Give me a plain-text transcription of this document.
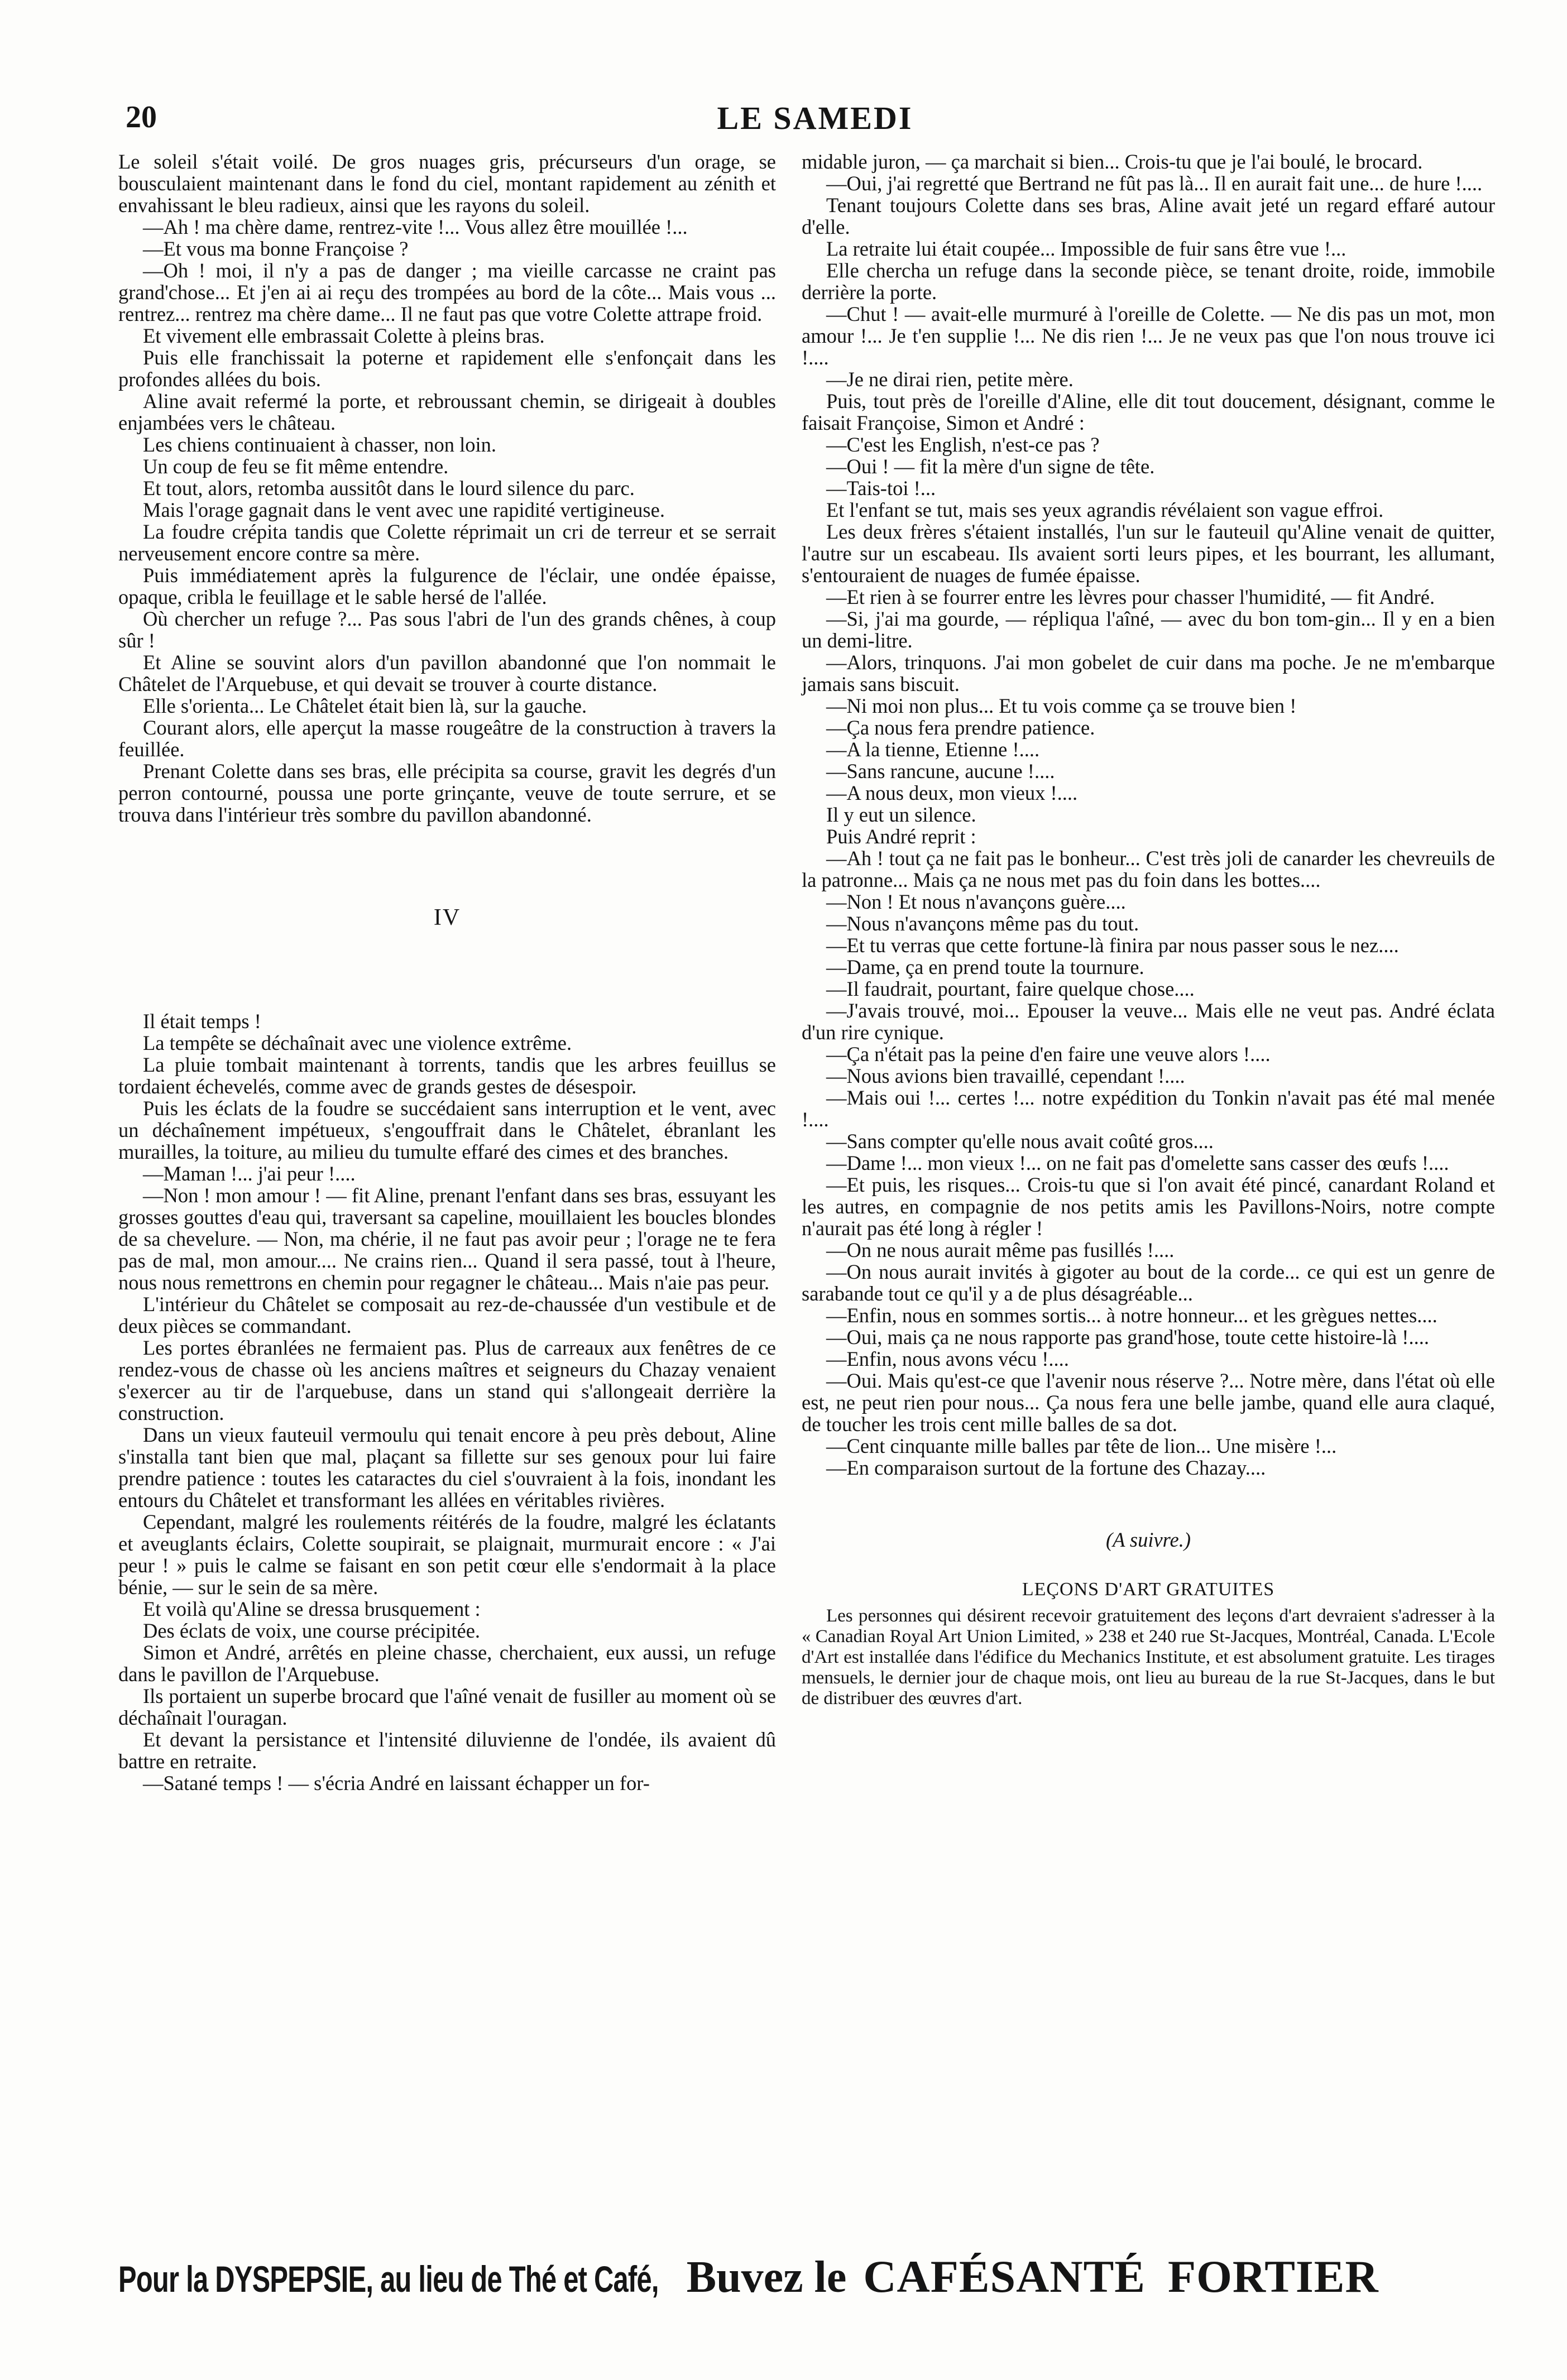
20	LE SAMEDI

Le soleil s'était voilé. De gros nuages gris, précurseurs d'un orage, se bousculaient maintenant dans le fond du ciel, montant rapidement au zénith et envahissant le bleu radieux, ainsi que les rayons du soleil.

—Ah ! ma chère dame, rentrez-vite !... Vous allez être mouillée !...

—Et vous ma bonne Françoise ?

—Oh ! moi, il n'y a pas de danger ; ma vieille carcasse ne craint pas grand'chose... Et j'en ai ai reçu des trompées au bord de la côte... Mais vous ... rentrez... rentrez ma chère dame... Il ne faut pas que votre Colette attrape froid.

Et vivement elle embrassait Colette à pleins bras.

Puis elle franchissait la poterne et rapidement elle s'enfonçait dans les profondes allées du bois.

Aline avait refermé la porte, et rebroussant chemin, se dirigeait à doubles enjambées vers le château.

Les chiens continuaient à chasser, non loin.

Un coup de feu se fit même entendre.

Et tout, alors, retomba aussitôt dans le lourd silence du parc.

Mais l'orage gagnait dans le vent avec une rapidité vertigineuse.

La foudre crépita tandis que Colette réprimait un cri de terreur et se serrait nerveusement encore contre sa mère.

Puis immédiatement après la fulgurence de l'éclair, une ondée épaisse, opaque, cribla le feuillage et le sable hersé de l'allée.

Où chercher un refuge ?... Pas sous l'abri de l'un des grands chênes, à coup sûr !

Et Aline se souvint alors d'un pavillon abandonné que l'on nommait le Châtelet de l'Arquebuse, et qui devait se trouver à courte distance.

Elle s'orienta... Le Châtelet était bien là, sur la gauche.

Courant alors, elle aperçut la masse rougeâtre de la construction à travers la feuillée.

Prenant Colette dans ses bras, elle précipita sa course, gravit les degrés d'un perron contourné, poussa une porte grinçante, veuve de toute serrure, et se trouva dans l'intérieur très sombre du pavillon abandonné.

IV

Il était temps !

La tempête se déchaînait avec une violence extrême.

La pluie tombait maintenant à torrents, tandis que les arbres feuillus se tordaient échevelés, comme avec de grands gestes de désespoir.

Puis les éclats de la foudre se succédaient sans interruption et le vent, avec un déchaînement impétueux, s'engouffrait dans le Châtelet, ébranlant les murailles, la toiture, au milieu du tumulte effaré des cimes et des branches.

—Maman !... j'ai peur !....

—Non ! mon amour ! — fit Aline, prenant l'enfant dans ses bras, essuyant les grosses gouttes d'eau qui, traversant sa capeline, mouillaient les boucles blondes de sa chevelure. — Non, ma chérie, il ne faut pas avoir peur ; l'orage ne te fera pas de mal, mon amour.... Ne crains rien... Quand il sera passé, tout à l'heure, nous nous remettrons en chemin pour regagner le château... Mais n'aie pas peur.

L'intérieur du Châtelet se composait au rez-de-chaussée d'un vestibule et de deux pièces se commandant.

Les portes ébranlées ne fermaient pas. Plus de carreaux aux fenêtres de ce rendez-vous de chasse où les anciens maîtres et seigneurs du Chazay venaient s'exercer au tir de l'arquebuse, dans un stand qui s'allongeait derrière la construction.

Dans un vieux fauteuil vermoulu qui tenait encore à peu près debout, Aline s'installa tant bien que mal, plaçant sa fillette sur ses genoux pour lui faire prendre patience : toutes les cataractes du ciel s'ouvraient à la fois, inondant les entours du Châtelet et transformant les allées en véritables rivières.

Cependant, malgré les roulements réitérés de la foudre, malgré les éclatants et aveuglants éclairs, Colette soupirait, se plaignait, murmurait encore : « J'ai peur ! » puis le calme se faisant en son petit cœur elle s'endormait à la place bénie, — sur le sein de sa mère.

Et voilà qu'Aline se dressa brusquement :

Des éclats de voix, une course précipitée.

Simon et André, arrêtés en pleine chasse, cherchaient, eux aussi, un refuge dans le pavillon de l'Arquebuse.

Ils portaient un superbe brocard que l'aîné venait de fusiller au moment où se déchaînait l'ouragan.

Et devant la persistance et l'intensité diluvienne de l'ondée, ils avaient dû battre en retraite.

—Satané temps ! — s'écria André en laissant échapper un for-

midable juron, — ça marchait si bien... Crois-tu que je l'ai boulé, le brocard.

—Oui, j'ai regretté que Bertrand ne fût pas là... Il en aurait fait une... de hure !....

Tenant toujours Colette dans ses bras, Aline avait jeté un regard effaré autour d'elle.

La retraite lui était coupée... Impossible de fuir sans être vue !...

Elle chercha un refuge dans la seconde pièce, se tenant droite, roide, immobile derrière la porte.

—Chut ! — avait-elle murmuré à l'oreille de Colette. — Ne dis pas un mot, mon amour !... Je t'en supplie !... Ne dis rien !... Je ne veux pas que l'on nous trouve ici !....

—Je ne dirai rien, petite mère.

Puis, tout près de l'oreille d'Aline, elle dit tout doucement, désignant, comme le faisait Françoise, Simon et André :

—C'est les English, n'est-ce pas ?

—Oui ! — fit la mère d'un signe de tête.

—Tais-toi !...

Et l'enfant se tut, mais ses yeux agrandis révélaient son vague effroi.

Les deux frères s'étaient installés, l'un sur le fauteuil qu'Aline venait de quitter, l'autre sur un escabeau. Ils avaient sorti leurs pipes, et les bourrant, les allumant, s'entouraient de nuages de fumée épaisse.

—Et rien à se fourrer entre les lèvres pour chasser l'humidité, — fit André.

—Si, j'ai ma gourde, — répliqua l'aîné, — avec du bon tom-gin... Il y en a bien un demi-litre.

—Alors, trinquons. J'ai mon gobelet de cuir dans ma poche. Je ne m'embarque jamais sans biscuit.

—Ni moi non plus... Et tu vois comme ça se trouve bien !

—Ça nous fera prendre patience.

—A la tienne, Etienne !....

—Sans rancune, aucune !....

—A nous deux, mon vieux !....

Il y eut un silence.

Puis André reprit :

—Ah ! tout ça ne fait pas le bonheur... C'est très joli de canarder les chevreuils de la patronne... Mais ça ne nous met pas du foin dans les bottes....

—Non ! Et nous n'avançons guère....

—Nous n'avançons même pas du tout.

—Et tu verras que cette fortune-là finira par nous passer sous le nez....

—Dame, ça en prend toute la tournure.

—Il faudrait, pourtant, faire quelque chose....

—J'avais trouvé, moi... Epouser la veuve... Mais elle ne veut pas. André éclata d'un rire cynique.

—Ça n'était pas la peine d'en faire une veuve alors !....

—Nous avions bien travaillé, cependant !....

—Mais oui !... certes !... notre expédition du Tonkin n'avait pas été mal menée !....

—Sans compter qu'elle nous avait coûté gros....

—Dame !... mon vieux !... on ne fait pas d'omelette sans casser des œufs !....

—Et puis, les risques... Crois-tu que si l'on avait été pincé, canardant Roland et les autres, en compagnie de nos petits amis les Pavillons-Noirs, notre compte n'aurait pas été long à régler !

—On ne nous aurait même pas fusillés !....

—On nous aurait invités à gigoter au bout de la corde... ce qui est un genre de sarabande tout ce qu'il y a de plus désagréable...

—Enfin, nous en sommes sortis... à notre honneur... et les grègues nettes....

—Oui, mais ça ne nous rapporte pas grand'hose, toute cette histoire-là !....

—Enfin, nous avons vécu !....

—Oui. Mais qu'est-ce que l'avenir nous réserve ?... Notre mère, dans l'état où elle est, ne peut rien pour nous... Ça nous fera une belle jambe, quand elle aura claqué, de toucher les trois cent mille balles de sa dot.

—Cent cinquante mille balles par tête de lion... Une misère !...

—En comparaison surtout de la fortune des Chazay....

(A suivre.)

LEÇONS D'ART GRATUITES

Les personnes qui désirent recevoir gratuitement des leçons d'art devraient s'adresser à la « Canadian Royal Art Union Limited, » 238 et 240 rue St-Jacques, Montréal, Canada. L'Ecole d'Art est installée dans l'édifice du Mechanics Institute, et est absolument gratuite. Les tirages mensuels, le dernier jour de chaque mois, ont lieu au bureau de la rue St-Jacques, dans le but de distribuer des œuvres d'art.

Pour la DYSPEPSIE, au lieu de Thé et Café, Buvez le CAFÉSANTÉ FORTIER
